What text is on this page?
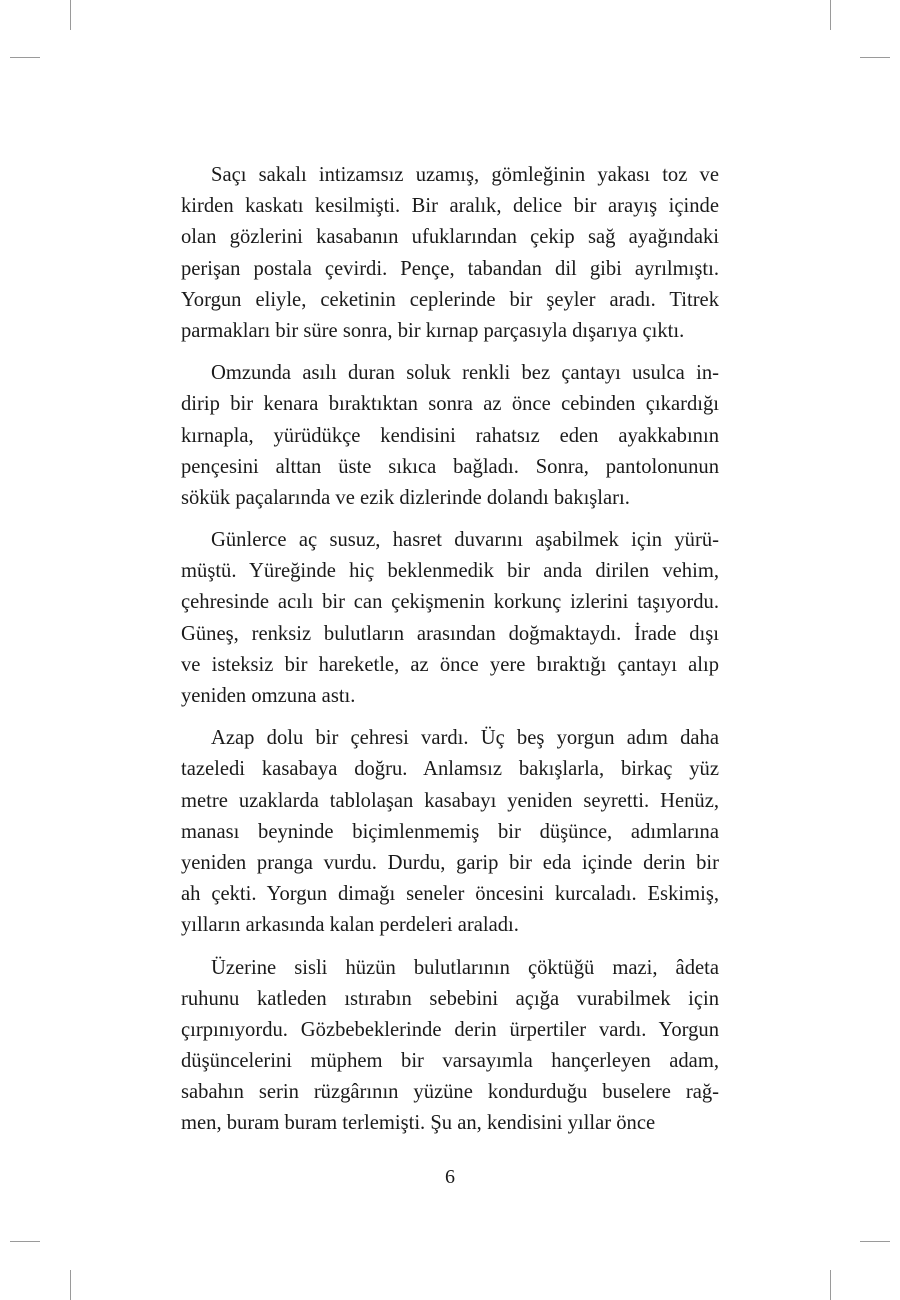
Saçı sakalı intizamsız uzamış, gömleğinin yakası toz ve
kirden kaskatı kesilmişti. Bir aralık, delice bir arayış içinde
olan gözlerini kasabanın ufuklarından çekip sağ ayağındaki
perişan postala çevirdi. Pençe, tabandan dil gibi ayrılmıştı.
Yorgun eliyle, ceketinin ceplerinde bir şeyler aradı. Titrek
parmakları bir süre sonra, bir kırnap parçasıyla dışarıya çıktı.
Omzunda asılı duran soluk renkli bez çantayı usulca in-
dirip bir kenara bıraktıktan sonra az önce cebinden çıkardığı
kırnapla, yürüdükçe kendisini rahatsız eden ayakkabının
pençesini alttan üste sıkıca bağladı. Sonra, pantolonunun
sökük paçalarında ve ezik dizlerinde dolandı bakışları.
Günlerce aç susuz, hasret duvarını aşabilmek için yürü-
müştü. Yüreğinde hiç beklenmedik bir anda dirilen vehim,
çehresinde acılı bir can çekişmenin korkunç izlerini taşıyordu.
Güneş, renksiz bulutların arasından doğmaktaydı. İrade dışı
ve isteksiz bir hareketle, az önce yere bıraktığı çantayı alıp
yeniden omzuna astı.
Azap dolu bir çehresi vardı. Üç beş yorgun adım daha
tazeledi kasabaya doğru. Anlamsız bakışlarla, birkaç yüz
metre uzaklarda tablolaşan kasabayı yeniden seyretti. Henüz,
manası beyninde biçimlenmemiş bir düşünce, adımlarına
yeniden pranga vurdu. Durdu, garip bir eda içinde derin bir
ah çekti. Yorgun dimağı seneler öncesini kurcaladı. Eskimiş,
yılların arkasında kalan perdeleri araladı.
Üzerine sisli hüzün bulutlarının çöktüğü mazi, âdeta
ruhunu katleden ıstırabın sebebini açığa vurabilmek için
çırpınıyordu. Gözbebeklerinde derin ürpertiler vardı. Yorgun
düşüncelerini müphem bir varsayımla hançerleyen adam,
sabahın serin rüzgârının yüzüne kondurduğu buselere rağ-
men, buram buram terlemişti. Şu an, kendisini yıllar önce
6
